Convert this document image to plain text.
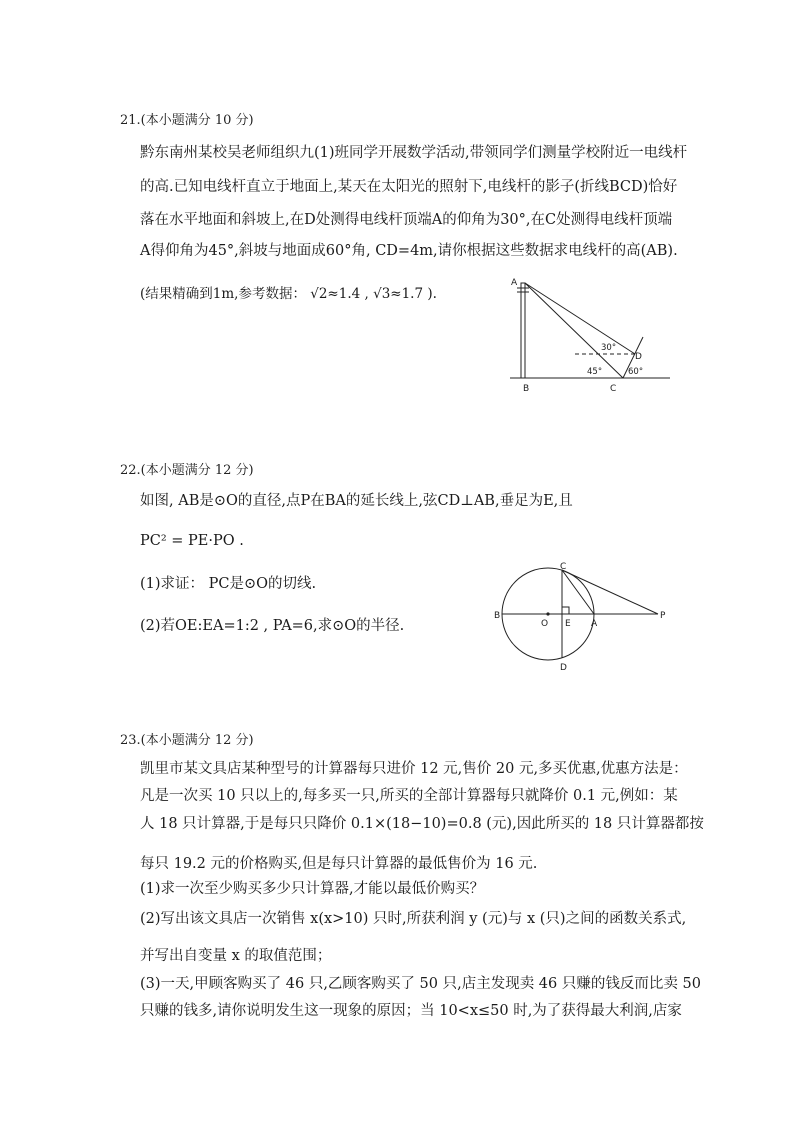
21.(本小题满分 10 分)
黔东南州某校吴老师组织九(1)班同学开展数学活动,带领同学们测量学校附近一电线杆
的高.已知电线杆直立于地面上,某天在太阳光的照射下,电线杆的影子(折线BCD)恰好
落在水平地面和斜坡上,在D处测得电线杆顶端A的仰角为30°,在C处测得电线杆顶端
A得仰角为45°,斜坡与地面成60°角, CD=4m,请你根据这些数据求电线杆的高(AB).
(结果精确到1m,参考数据： √2≈1.4 , √3≈1.7 ).
A
B	C
D
30°
45°	60°
22.(本小题满分 12 分)
如图, AB是⊙O的直径,点P在BA的延长线上,弦CD⊥AB,垂足为E,且
PC² = PE·PO .
(1)求证： PC是⊙O的切线.
(2)若OE:EA=1:2 , PA=6,求⊙O的半径.
B
O E A
P
C
D
23.(本小题满分 12 分)
凯里市某文具店某种型号的计算器每只进价 12 元,售价 20 元,多买优惠,优惠方法是：
凡是一次买 10 只以上的,每多买一只,所买的全部计算器每只就降价 0.1 元,例如：某
人 18 只计算器,于是每只只降价 0.1×(18−10)=0.8 (元),因此所买的 18 只计算器都按
每只 19.2 元的价格购买,但是每只计算器的最低售价为 16 元.
(1)求一次至少购买多少只计算器,才能以最低价购买？
(2)写出该文具店一次销售 x(x>10) 只时,所获利润 y (元)与 x (只)之间的函数关系式,
并写出自变量 x 的取值范围；
(3)一天,甲顾客购买了 46 只,乙顾客购买了 50 只,店主发现卖 46 只赚的钱反而比卖 50
只赚的钱多,请你说明发生这一现象的原因；当 10<x≤50 时,为了获得最大利润,店家
